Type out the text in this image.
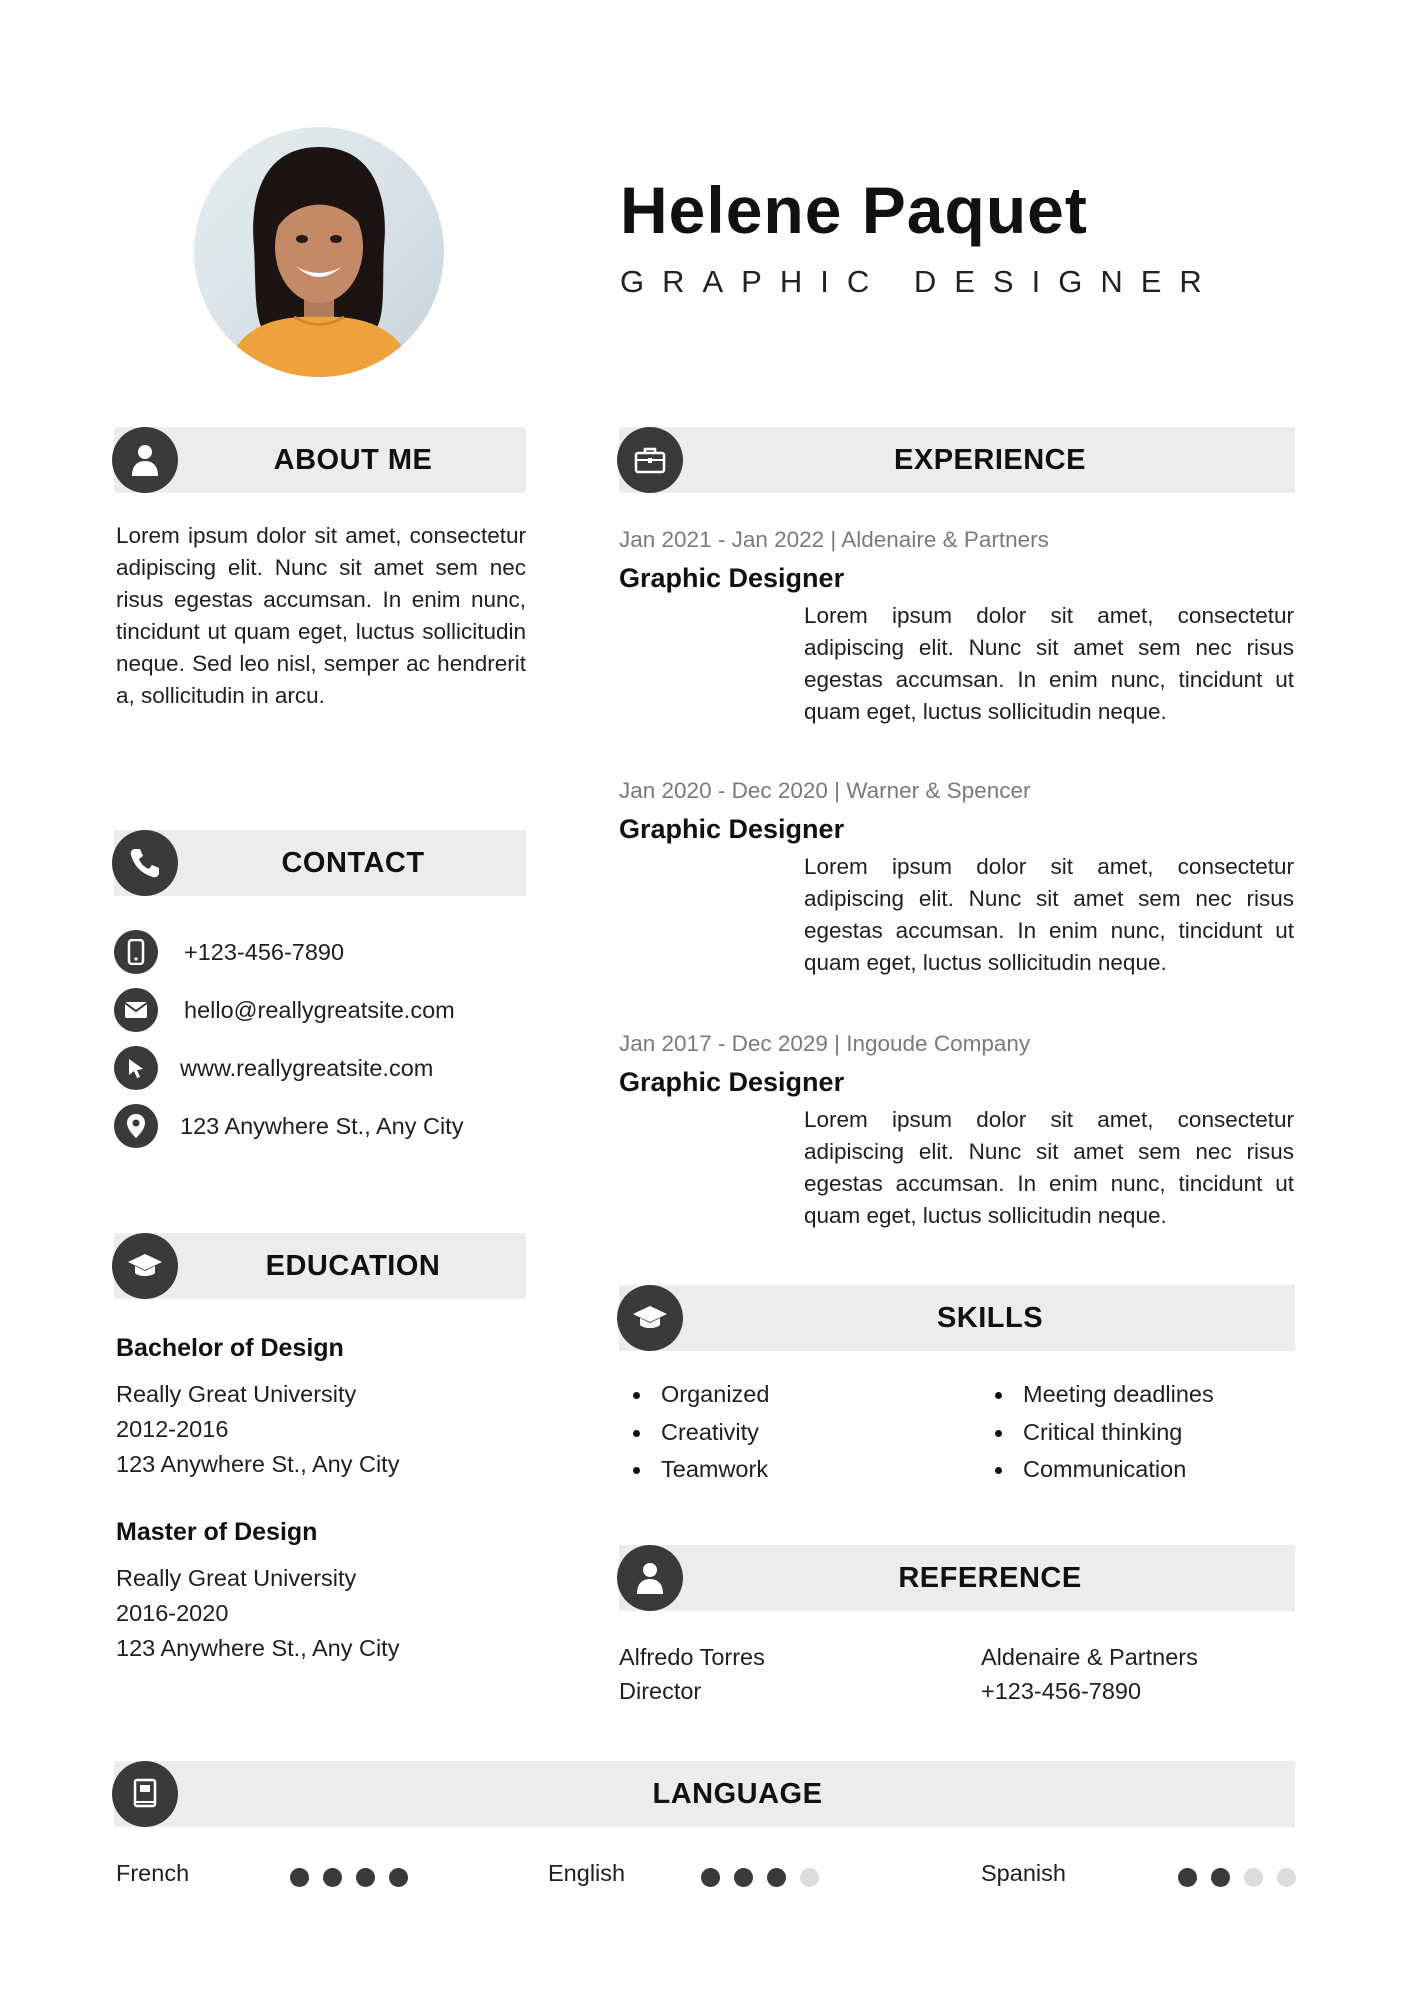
Helene Paquet
GRAPHIC DESIGNER
ABOUT ME
Lorem ipsum dolor sit amet, consectetur adipiscing elit. Nunc sit amet sem nec risus egestas accumsan. In enim nunc, tincidunt ut quam eget, luctus sollicitudin neque. Sed leo nisl, semper ac hendrerit a, sollicitudin in arcu.
CONTACT
+123-456-7890
hello@reallygreatsite.com
www.reallygreatsite.com
123 Anywhere St., Any City
EDUCATION
Bachelor of Design
Really Great University
2012-2016
123 Anywhere St., Any City
Master of Design
Really Great University
2016-2020
123 Anywhere St., Any City
EXPERIENCE
Jan 2021 - Jan 2022 | Aldenaire & Partners
Graphic Designer
Lorem ipsum dolor sit amet, consectetur adipiscing elit. Nunc sit amet sem nec risus egestas accumsan. In enim nunc, tincidunt ut quam eget, luctus sollicitudin neque.
Jan 2020 - Dec 2020 | Warner & Spencer
Graphic Designer
Lorem ipsum dolor sit amet, consectetur adipiscing elit. Nunc sit amet sem nec risus egestas accumsan. In enim nunc, tincidunt ut quam eget, luctus sollicitudin neque.
Jan 2017 - Dec 2029 | Ingoude Company
Graphic Designer
Lorem ipsum dolor sit amet, consectetur adipiscing elit. Nunc sit amet sem nec risus egestas accumsan. In enim nunc, tincidunt ut quam eget, luctus sollicitudin neque.
SKILLS
Organized
Creativity
Teamwork
Meeting deadlines
Critical thinking
Communication
REFERENCE
Alfredo Torres
Director
Aldenaire & Partners
+123-456-7890
LANGUAGE
French	English	Spanish
